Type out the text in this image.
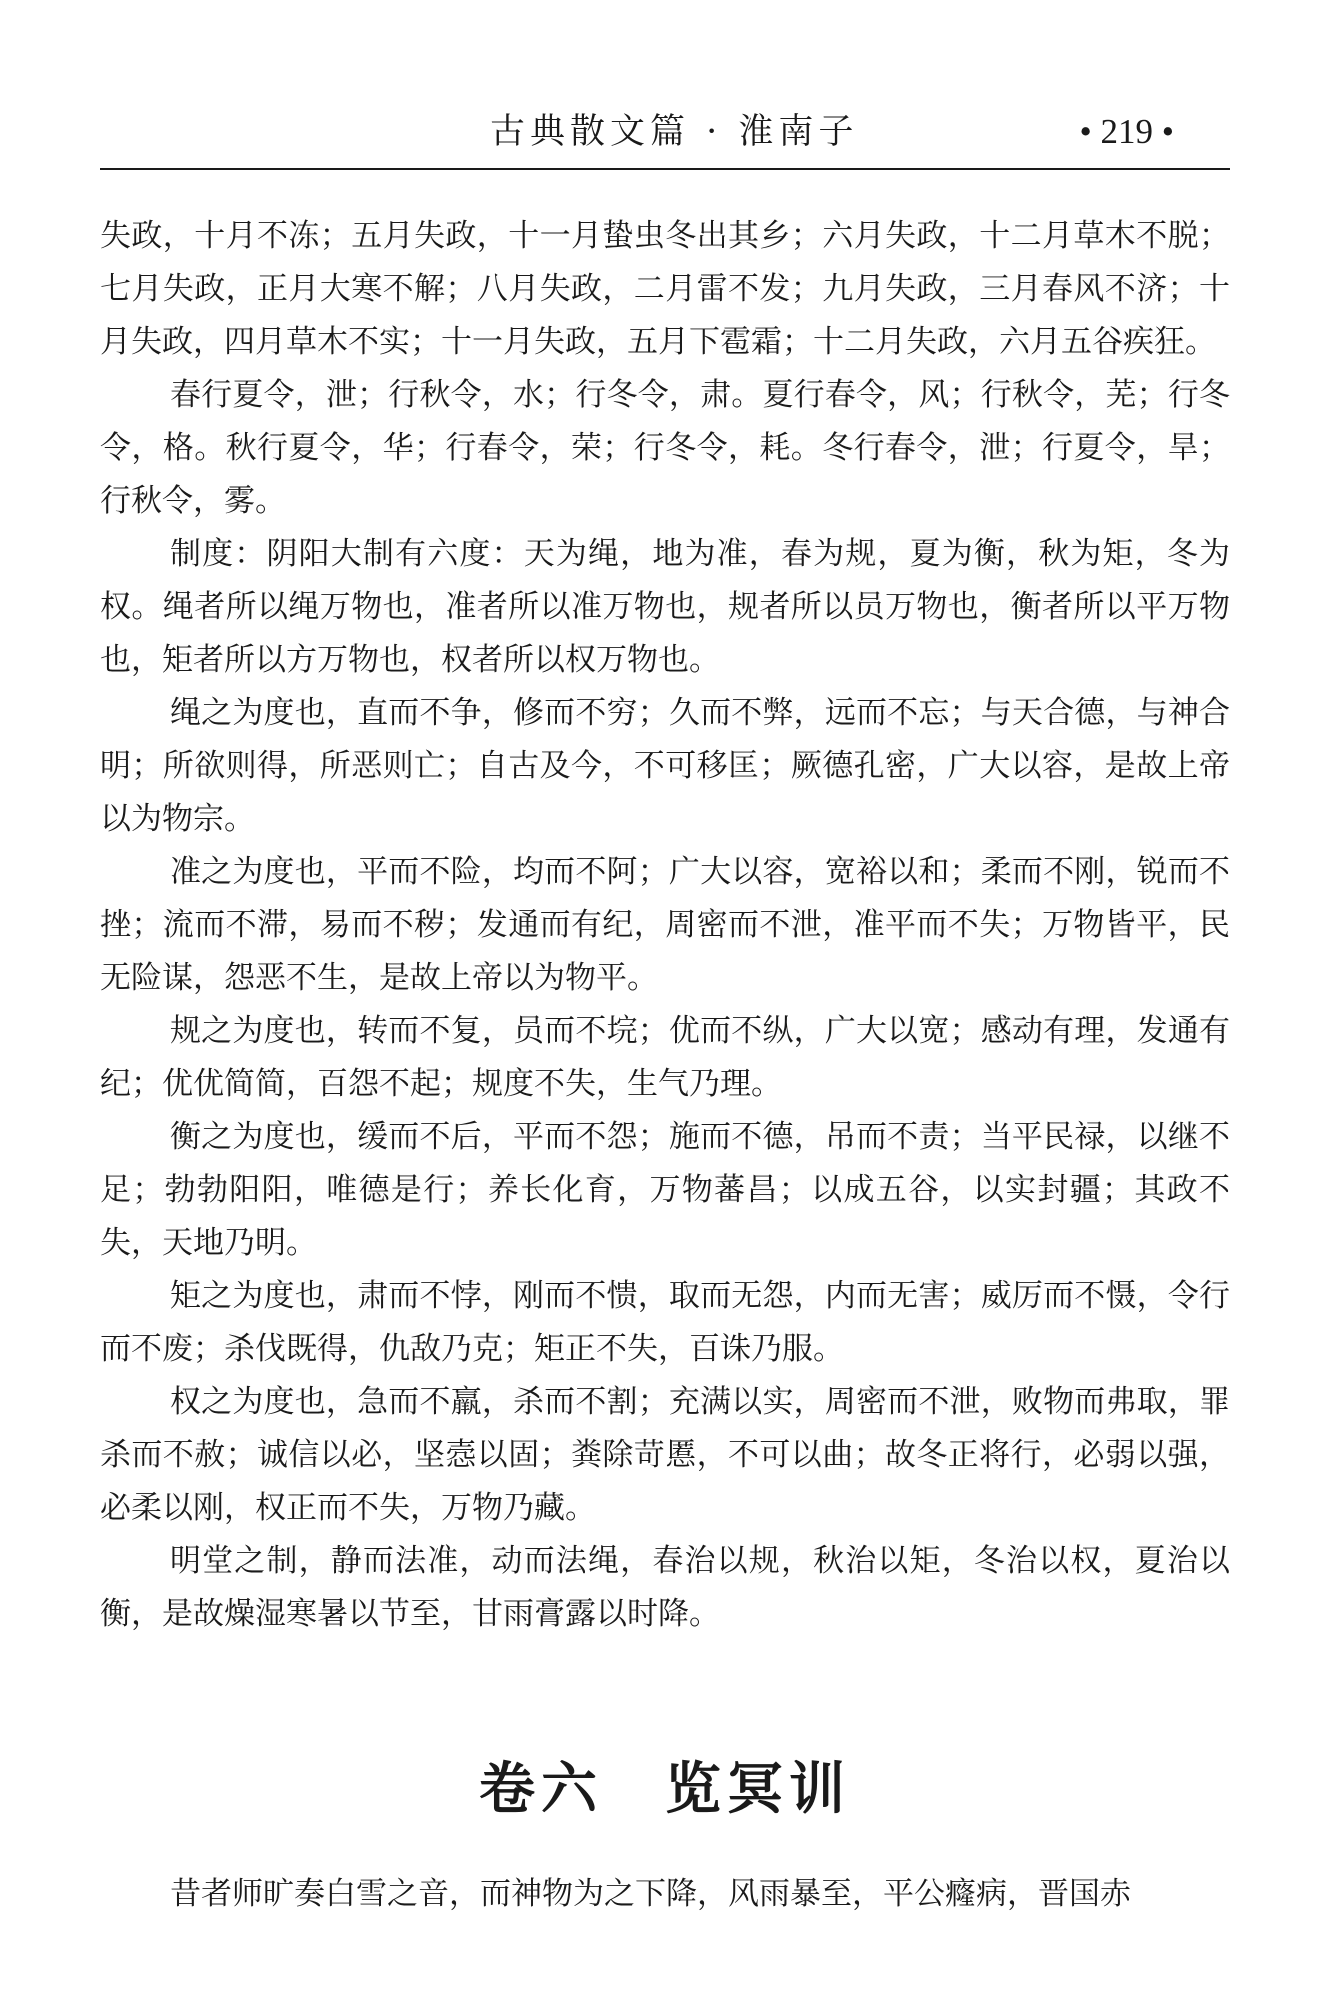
古典散文篇 · 淮南子	• 219 •

失政，十月不冻；五月失政，十一月蛰虫冬出其乡；六月失政，十二月草木不脱；七月失政，正月大寒不解；八月失政，二月雷不发；九月失政，三月春风不济；十月失政，四月草木不实；十一月失政，五月下雹霜；十二月失政，六月五谷疾狂。

春行夏令，泄；行秋令，水；行冬令，肃。夏行春令，风；行秋令，芜；行冬令，格。秋行夏令，华；行春令，荣；行冬令，耗。冬行春令，泄；行夏令，旱；行秋令，雾。

制度：阴阳大制有六度：天为绳，地为准，春为规，夏为衡，秋为矩，冬为权。绳者所以绳万物也，准者所以准万物也，规者所以员万物也，衡者所以平万物也，矩者所以方万物也，权者所以权万物也。

绳之为度也，直而不争，修而不穷；久而不弊，远而不忘；与天合德，与神合明；所欲则得，所恶则亡；自古及今，不可移匡；厥德孔密，广大以容，是故上帝以为物宗。

准之为度也，平而不险，均而不阿；广大以容，宽裕以和；柔而不刚，锐而不挫；流而不滞，易而不秽；发通而有纪，周密而不泄，准平而不失；万物皆平，民无险谋，怨恶不生，是故上帝以为物平。

规之为度也，转而不复，员而不垸；优而不纵，广大以宽；感动有理，发通有纪；优优简简，百怨不起；规度不失，生气乃理。

衡之为度也，缓而不后，平而不怨；施而不德，吊而不责；当平民禄，以继不足；勃勃阳阳，唯德是行；养长化育，万物蕃昌；以成五谷，以实封疆；其政不失，天地乃明。

矩之为度也，肃而不悖，刚而不愦，取而无怨，内而无害；威厉而不慑，令行而不废；杀伐既得，仇敌乃克；矩正不失，百诛乃服。

权之为度也，急而不羸，杀而不割；充满以实，周密而不泄，败物而弗取，罪杀而不赦；诚信以必，坚悫以固；粪除苛慝，不可以曲；故冬正将行，必弱以强，必柔以刚，权正而不失，万物乃藏。

明堂之制，静而法准，动而法绳，春治以规，秋治以矩，冬治以权，夏治以衡，是故燥湿寒暑以节至，甘雨膏露以时降。

卷六　览冥训

昔者师旷奏白雪之音，而神物为之下降，风雨暴至，平公癃病，晋国赤
